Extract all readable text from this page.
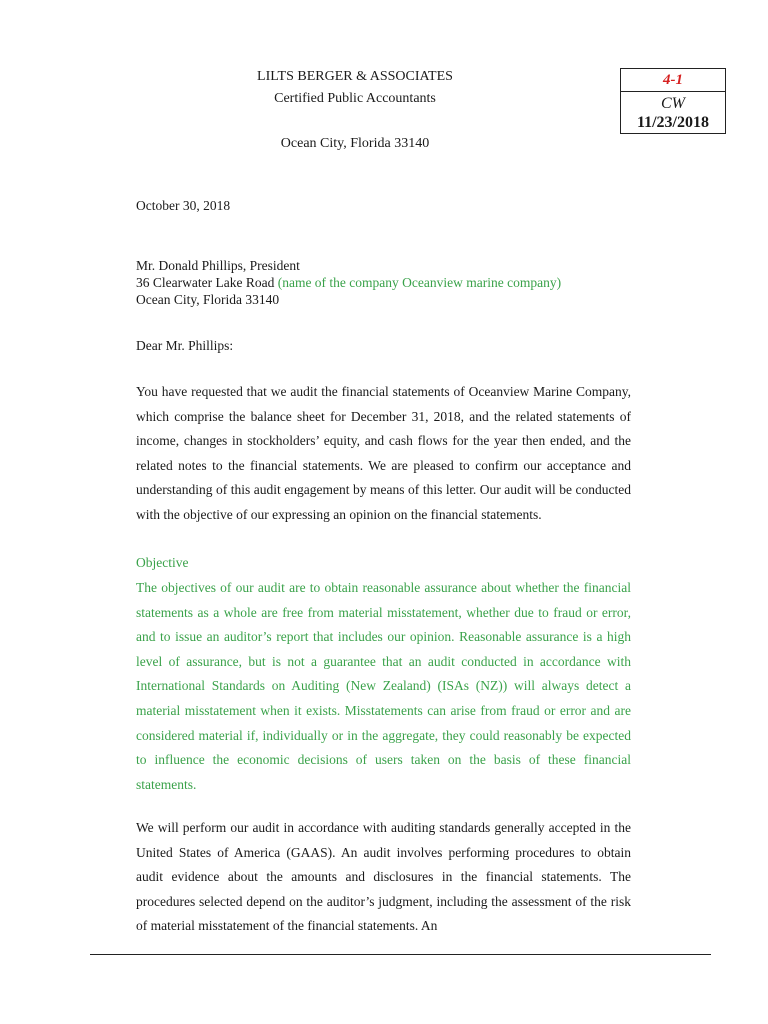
LILTS BERGER & ASSOCIATES
Certified Public Accountants
Ocean City, Florida 33140
4-1
CW
11/23/2018
October 30, 2018
Mr. Donald Phillips, President
36 Clearwater Lake Road (name of the company Oceanview marine company)
Ocean City, Florida 33140
Dear Mr. Phillips:

You have requested that we audit the financial statements of Oceanview Marine Company, which comprise the balance sheet for December 31, 2018, and the related statements of income, changes in stockholders’ equity, and cash flows for the year then ended, and the related notes to the financial statements. We are pleased to confirm our acceptance and understanding of this audit engagement by means of this letter. Our audit will be conducted with the objective of our expressing an opinion on the financial statements.

Objective

The objectives of our audit are to obtain reasonable assurance about whether the financial statements as a whole are free from material misstatement, whether due to fraud or error, and to issue an auditor’s report that includes our opinion. Reasonable assurance is a high level of assurance, but is not a guarantee that an audit conducted in accordance with International Standards on Auditing (New Zealand) (ISAs (NZ)) will always detect a material misstatement when it exists. Misstatements can arise from fraud or error and are considered material if, individually or in the aggregate, they could reasonably be expected to influence the economic decisions of users taken on the basis of these financial statements.

We will perform our audit in accordance with auditing standards generally accepted in the United States of America (GAAS). An audit involves performing procedures to obtain audit evidence about the amounts and disclosures in the financial statements. The procedures selected depend on the auditor’s judgment, including the assessment of the risk of material misstatement of the financial statements. An
